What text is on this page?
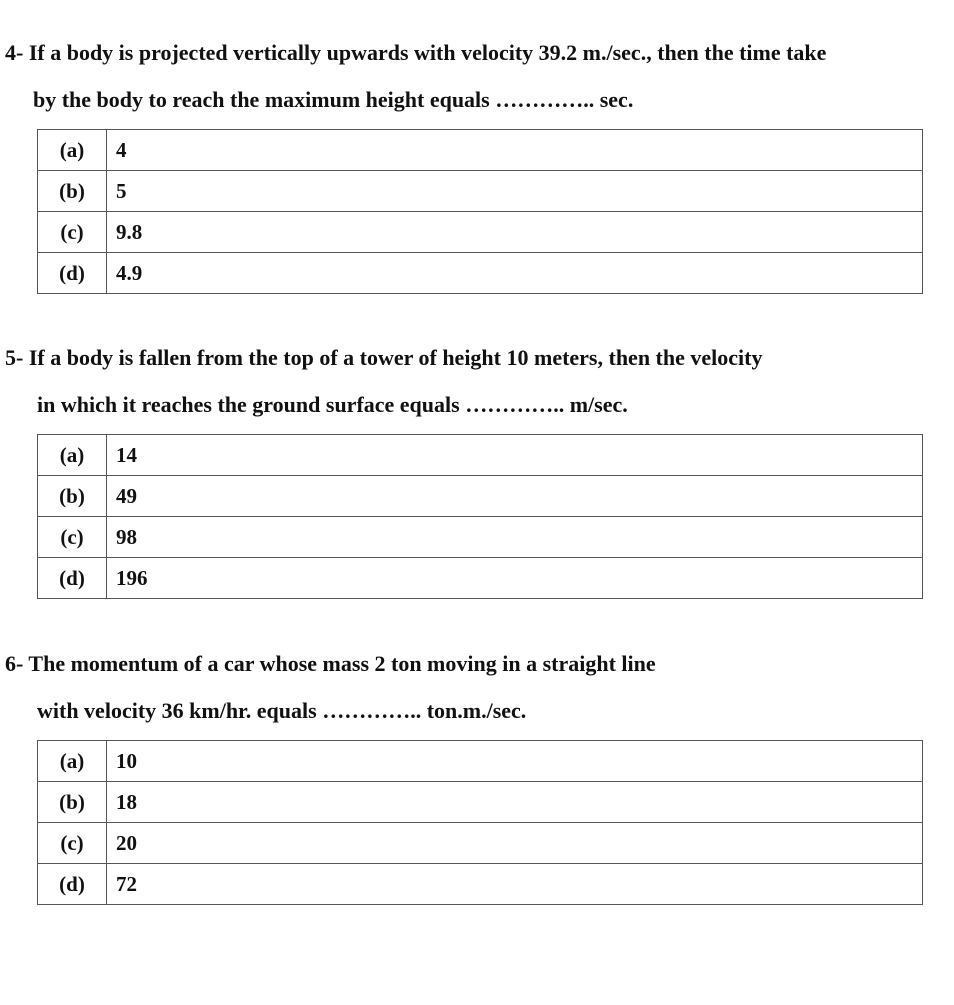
4- If a body is projected vertically upwards with velocity 39.2 m./sec., then the time take
by the body to reach the maximum height equals ………….. sec.
(a)	4
(b)	5
(c)	9.8
(d)	4.9
5- If a body is fallen from the top of a tower of height 10 meters, then the velocity
in which it reaches the ground surface equals ………….. m/sec.
(a)	14
(b)	49
(c)	98
(d)	196
6- The momentum of a car whose mass 2 ton moving in a straight line
with velocity 36 km/hr. equals ………….. ton.m./sec.
(a)	10
(b)	18
(c)	20
(d)	72
